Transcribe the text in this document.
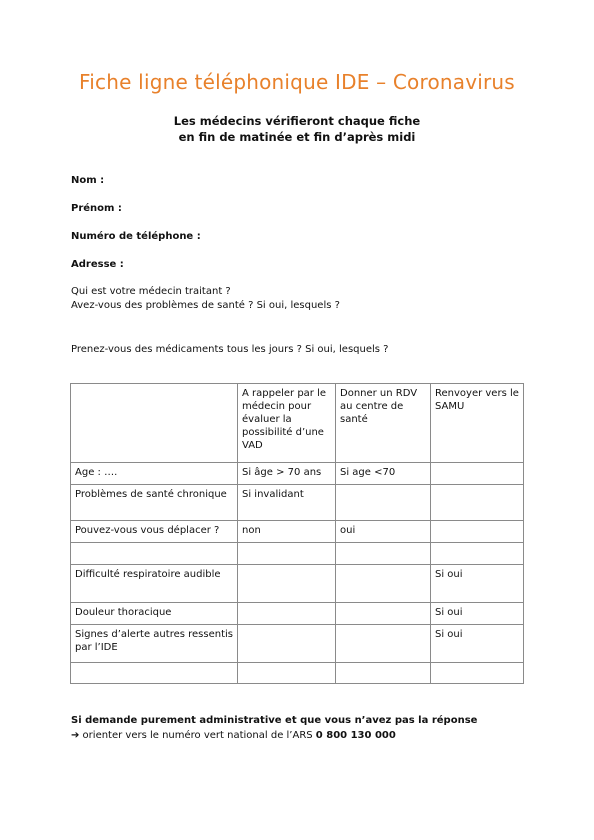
Fiche ligne téléphonique IDE – Coronavirus
Les médecins vérifieront chaque fiche
en fin de matinée et fin d’après midi
Nom :
Prénom :
Numéro de téléphone :
Adresse :
Qui est votre médecin traitant ?
Avez-vous des problèmes de santé ? Si oui, lesquels ?
Prenez-vous des médicaments tous les jours ? Si oui, lesquels ?
	A rappeler par le médecin pour évaluer la possibilité d’une VAD	Donner un RDV au centre de santé	Renvoyer vers le SAMU
Age : ….	Si âge > 70 ans	Si age <70	
Problèmes de santé chronique	Si invalidant		
Pouvez-vous vous déplacer ?	non	oui	

Difficulté respiratoire audible			Si oui
Douleur thoracique			Si oui
Signes d’alerte autres ressentis par l’IDE			Si oui

Si demande purement administrative et que vous n’avez pas la réponse
➔ orienter vers le numéro vert national de l’ARS 0 800 130 000
